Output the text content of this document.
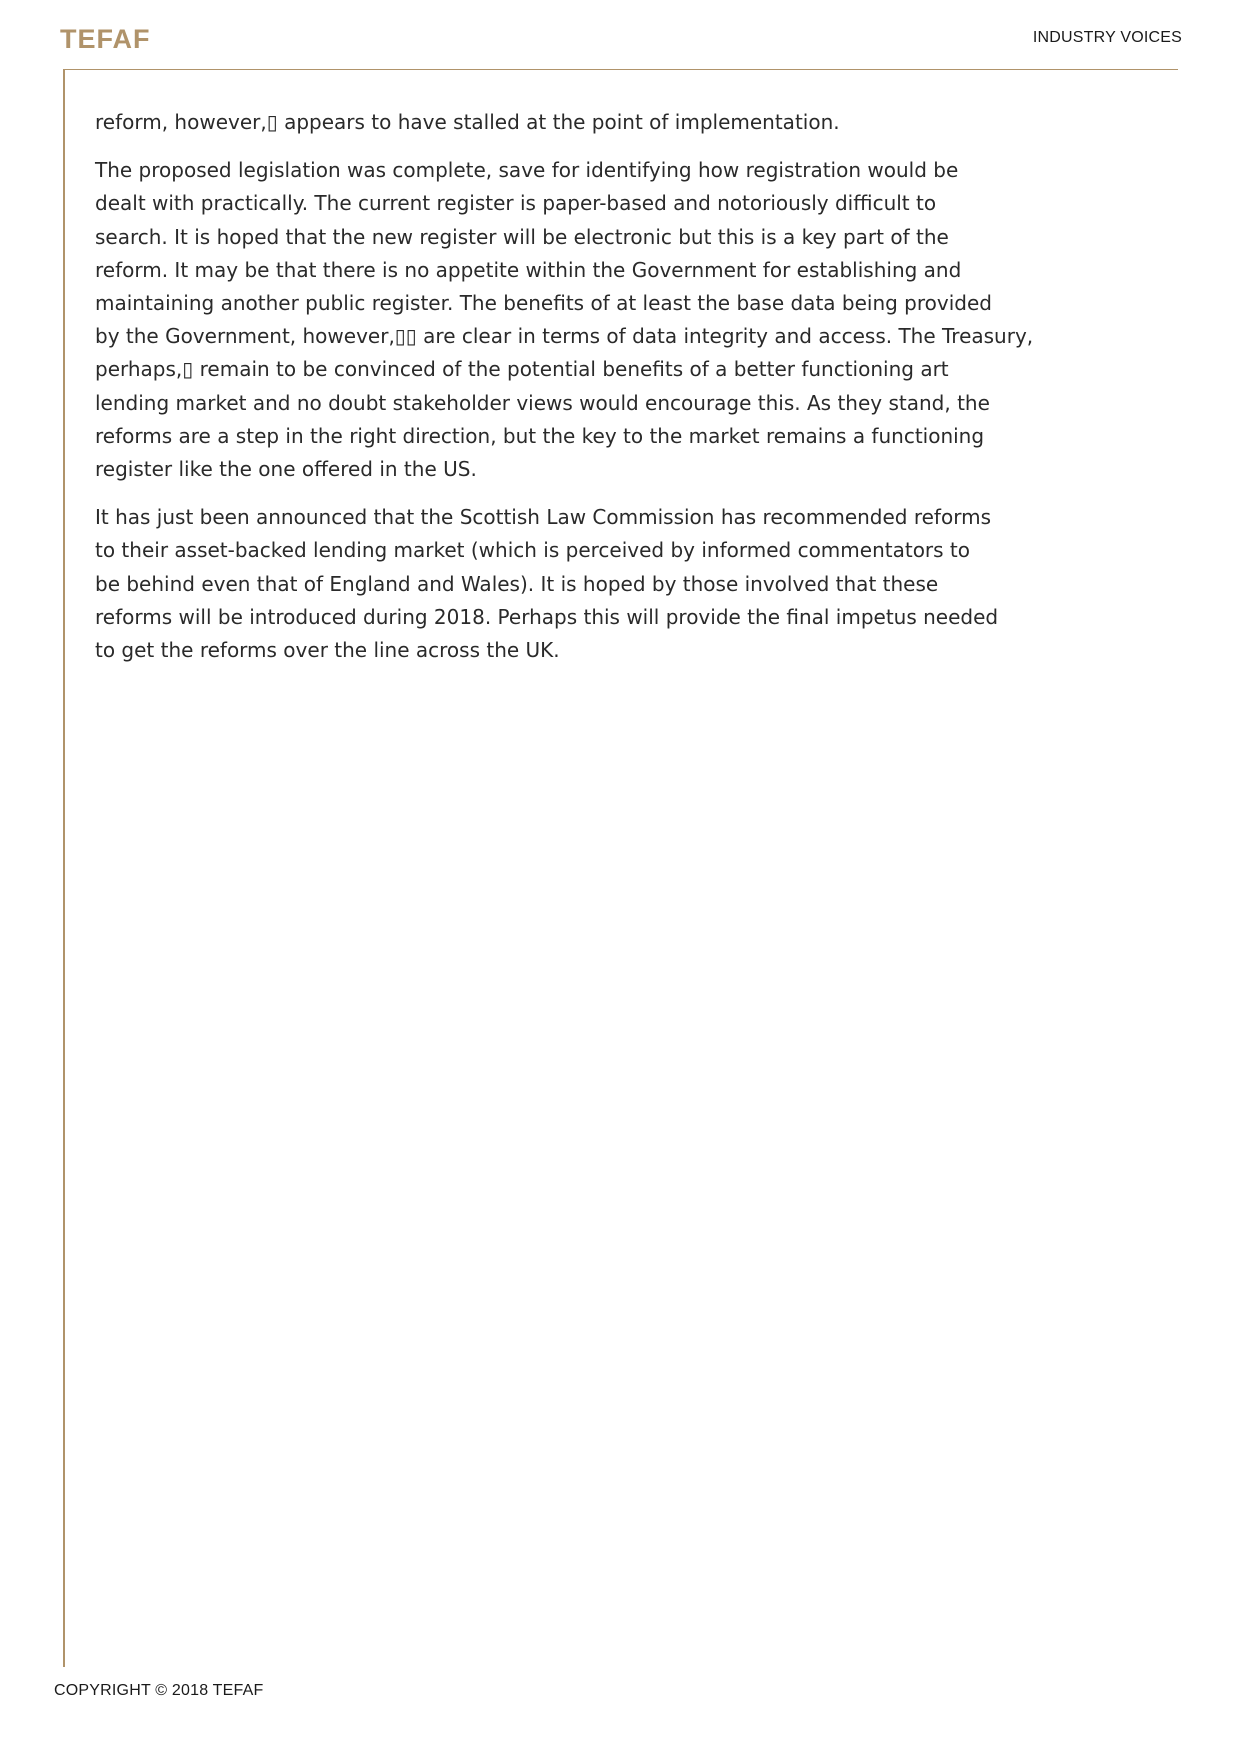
TEFAF	INDUSTRY VOICES

reform, however,▯ appears to have stalled at the point of implementation.

The proposed legislation was complete, save for identifying how registration would be
dealt with practically. The current register is paper-based and notoriously difficult to
search. It is hoped that the new register will be electronic but this is a key part of the
reform. It may be that there is no appetite within the Government for establishing and
maintaining another public register. The benefits of at least the base data being provided
by the Government, however,▯▯ are clear in terms of data integrity and access. The Treasury,
perhaps,▯ remain to be convinced of the potential benefits of a better functioning art
lending market and no doubt stakeholder views would encourage this. As they stand, the
reforms are a step in the right direction, but the key to the market remains a functioning
register like the one offered in the US.

It has just been announced that the Scottish Law Commission has recommended reforms
to their asset-backed lending market (which is perceived by informed commentators to
be behind even that of England and Wales). It is hoped by those involved that these
reforms will be introduced during 2018. Perhaps this will provide the final impetus needed
to get the reforms over the line across the UK.

COPYRIGHT © 2018 TEFAF
